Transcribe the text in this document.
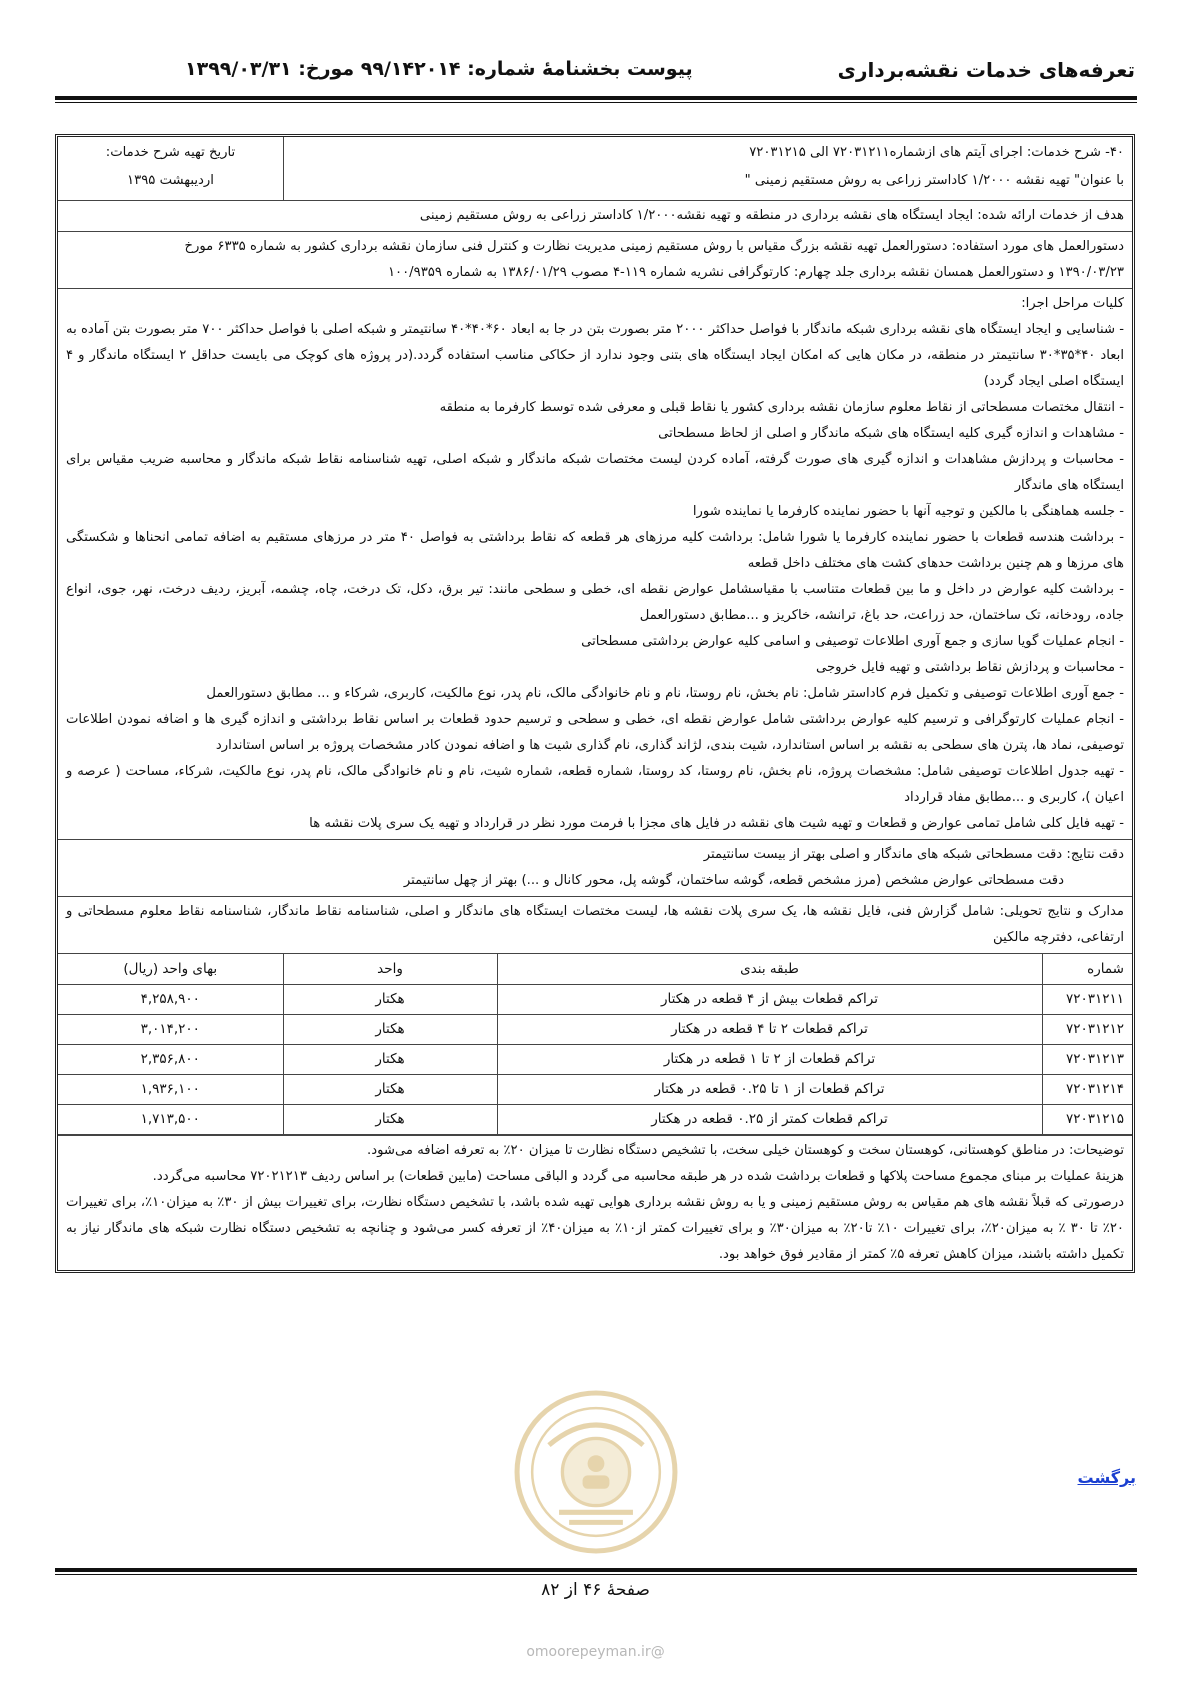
تعرفه‌های خدمات نقشه‌برداری
پیوست بخشنامهٔ شماره: ۹۹/۱۴۲۰۱۴ مورخ: ۱۳۹۹/۰۳/۳۱
۴۰- شرح خدمات: اجرای آیتم های ازشماره۷۲۰۳۱۲۱۱ الی ۷۲۰۳۱۲۱۵
با عنوان" تهیه نقشه ۱/۲۰۰۰ کاداستر زراعی به روش مستقیم زمینی "
تاریخ تهیه شرح خدمات:
اردیبهشت ۱۳۹۵
هدف از خدمات ارائه شده: ایجاد ایستگاه های نقشه برداری در منطقه و تهیه نقشه۱/۲۰۰۰ کاداستر زراعی به روش مستقیم زمینی
دستورالعمل های مورد استفاده: دستورالعمل تهیه نقشه بزرگ مقیاس با روش مستقیم زمینی مدیریت نظارت و کنترل فنی سازمان نقشه برداری کشور به شماره ۶۳۳۵ مورخ
۱۳۹۰/۰۳/۲۳ و دستورالعمل همسان نقشه برداری جلد چهارم: کارتوگرافی نشریه شماره ۱۱۹-۴ مصوب ۱۳۸۶/۰۱/۲۹ به شماره ۱۰۰/۹۳۵۹
کلیات مراحل اجرا:
- شناسایی و ایجاد ایستگاه های نقشه برداری شبکه ماندگار با فواصل حداکثر ۲۰۰۰ متر بصورت بتن در جا به ابعاد ۶۰*۴۰*۴۰ سانتیمتر و شبکه اصلی با فواصل حداکثر ۷۰۰ متر بصورت بتن آماده به ابعاد ۴۰*۳۵*۳۰ سانتیمتر در منطقه، در مکان هایی که امکان ایجاد ایستگاه های بتنی وجود ندارد از حکاکی مناسب استفاده گردد.(در پروژه های کوچک می بایست حداقل ۲ ایستگاه ماندگار و ۴ ایستگاه اصلی ایجاد گردد)
- انتقال مختصات مسطحاتی از نقاط معلوم سازمان نقشه برداری کشور یا نقاط قبلی و معرفی شده توسط کارفرما به منطقه
- مشاهدات و اندازه گیری کلیه ایستگاه های شبکه ماندگار و اصلی از لحاظ مسطحاتی
- محاسبات و پردازش مشاهدات و اندازه گیری های صورت گرفته، آماده کردن لیست مختصات شبکه ماندگار و شبکه اصلی، تهیه شناسنامه نقاط شبکه ماندگار و محاسبه ضریب مقیاس برای ایستگاه های ماندگار
- جلسه هماهنگی با مالکین و توجیه آنها با حضور نماینده کارفرما یا نماینده شورا
- برداشت هندسه قطعات با حضور نماینده کارفرما یا شورا شامل: برداشت کلیه مرزهای هر قطعه که نقاط برداشتی به فواصل ۴۰ متر در مرزهای مستقیم به اضافه تمامی انحناها و شکستگی های مرزها و هم چنین برداشت حدهای کشت های مختلف داخل قطعه
- برداشت کلیه عوارض در داخل و ما بین قطعات متناسب با مقیاسشامل عوارض نقطه ای، خطی و سطحی مانند: تیر برق، دکل، تک درخت، چاه، چشمه، آبریز، ردیف درخت، نهر، جوی، انواع جاده، رودخانه، تک ساختمان، حد زراعت، حد باغ، ترانشه، خاکریز و ...مطابق دستورالعمل
- انجام عملیات گویا سازی و جمع آوری اطلاعات توصیفی و اسامی کلیه عوارض برداشتی مسطحاتی
- محاسبات و پردازش نقاط برداشتی و تهیه فایل خروجی
- جمع آوری اطلاعات توصیفی و تکمیل فرم کاداستر شامل: نام بخش، نام روستا، نام و نام خانوادگی مالک، نام پدر، نوع مالکیت، کاربری، شرکاء و ... مطابق دستورالعمل
- انجام عملیات کارتوگرافی و ترسیم کلیه عوارض برداشتی شامل عوارض نقطه ای، خطی و سطحی و ترسیم حدود قطعات بر اساس نقاط برداشتی و اندازه گیری ها و اضافه نمودن اطلاعات توصیفی، نماد ها، پترن های سطحی به نقشه بر اساس استاندارد، شیت بندی، لژاند گذاری، نام گذاری شیت ها و اضافه نمودن کادر مشخصات پروژه بر اساس استاندارد
- تهیه جدول اطلاعات توصیفی شامل: مشخصات پروژه، نام بخش، نام روستا، کد روستا، شماره قطعه، شماره شیت، نام و نام خانوادگی مالک، نام پدر، نوع مالکیت، شرکاء، مساحت ( عرصه و اعیان )، کاربری و ...مطابق مفاد قرارداد
- تهیه فایل کلی شامل تمامی عوارض و قطعات و تهیه شیت های نقشه در فایل های مجزا با فرمت مورد نظر در قرارداد و تهیه یک سری پلات نقشه ها
دقت نتایج: دقت مسطحاتی شبکه های ماندگار و اصلی بهتر از بیست سانتیمتر
دقت مسطحاتی عوارض مشخص (مرز مشخص قطعه، گوشه ساختمان، گوشه پل، محور کانال و ...) بهتر از چهل سانتیمتر
مدارک و نتایج تحویلی: شامل گزارش فنی، فایل نقشه ها، یک سری پلات نقشه ها، لیست مختصات ایستگاه های ماندگار و اصلی، شناسنامه نقاط ماندگار، شناسنامه نقاط معلوم مسطحاتی و ارتفاعی، دفترچه مالکین
شماره	طبقه بندی	واحد	بهای واحد (ریال)
۷۲۰۳۱۲۱۱	تراکم قطعات بیش از ۴ قطعه در هکتار	هکتار	۴,۲۵۸,۹۰۰
۷۲۰۳۱۲۱۲	تراکم قطعات ۲ تا ۴ قطعه در هکتار	هکتار	۳,۰۱۴,۲۰۰
۷۲۰۳۱۲۱۳	تراکم قطعات از ۲ تا ۱ قطعه در هکتار	هکتار	۲,۳۵۶,۸۰۰
۷۲۰۳۱۲۱۴	تراکم قطعات از ۱ تا ۰.۲۵ قطعه در هکتار	هکتار	۱,۹۳۶,۱۰۰
۷۲۰۳۱۲۱۵	تراکم قطعات کمتر از ۰.۲۵ قطعه در هکتار	هکتار	۱,۷۱۳,۵۰۰
توضیحات: در مناطق کوهستانی، کوهستان سخت و کوهستان خیلی سخت، با تشخیص دستگاه نظارت تا میزان ۲۰٪ به تعرفه اضافه می‌شود.
هزینهٔ عملیات بر مبنای مجموع مساحت پلاکها و قطعات برداشت شده در هر طبقه محاسبه می گردد و الباقی مساحت (مابین قطعات) بر اساس ردیف ۷۲۰۲۱۲۱۳ محاسبه می‌گردد.
درصورتی که قبلاً نقشه های هم مقیاس به روش مستقیم زمینی و یا به روش نقشه برداری هوایی تهیه شده باشد، با تشخیص دستگاه نظارت، برای تغییرات بیش از ۳۰٪ به میزان۱۰٪، برای تغییرات ۲۰٪ تا ۳۰ ٪ به میزان۲۰٪، برای تغییرات ۱۰٪ تا۲۰٪ به میزان۳۰٪ و برای تغییرات کمتر از۱۰٪ به میزان۴۰٪ از تعرفه کسر می‌شود و چنانچه به تشخیص دستگاه نظارت شبکه های ماندگار نیاز به تکمیل داشته باشند، میزان کاهش تعرفه ۵٪ کمتر از مقادیر فوق خواهد بود.
برگشت
صفحهٔ ۴۶ از ۸۲
@omoorepeyman.ir
